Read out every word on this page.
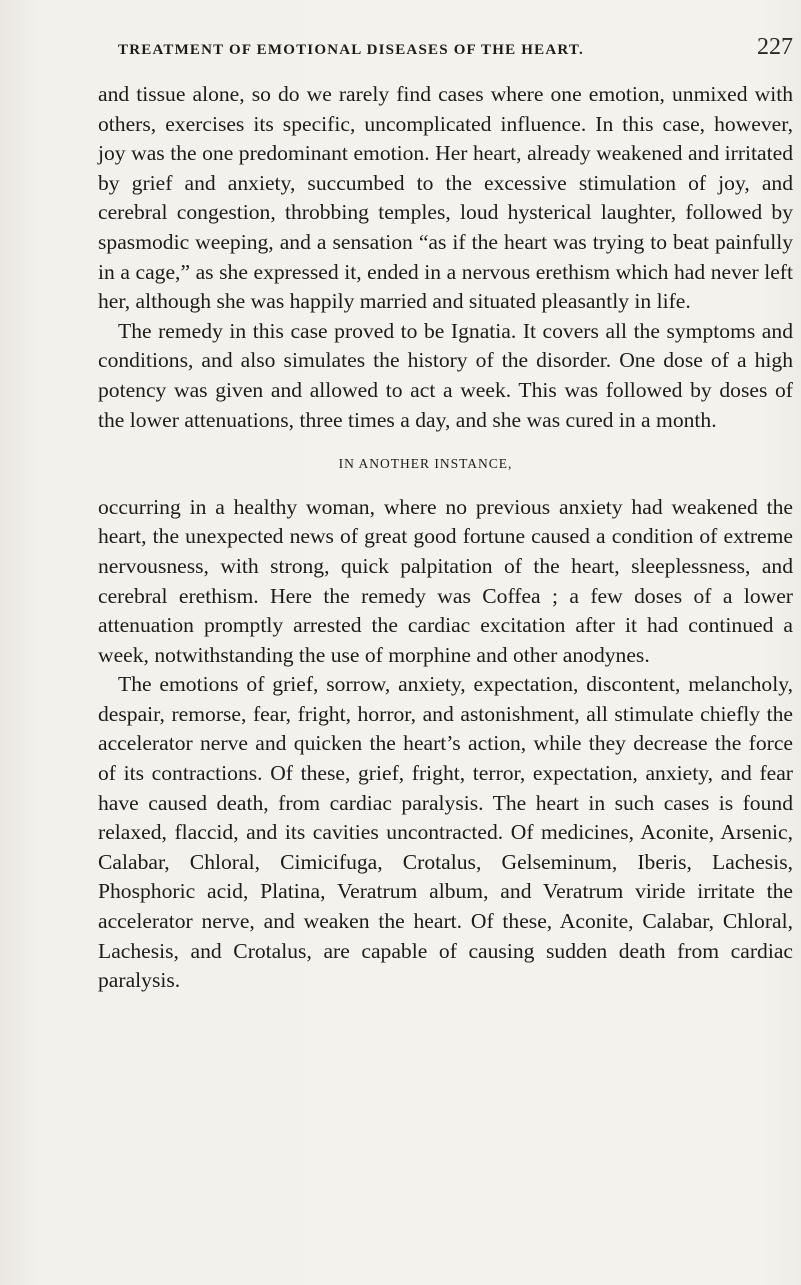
TREATMENT OF EMOTIONAL DISEASES OF THE HEART.	227

and tissue alone, so do we rarely find cases where one emotion, unmixed with others, exercises its specific, uncomplicated influence. In this case, however, joy was the one predominant emotion. Her heart, already weakened and irritated by grief and anxiety, succumbed to the excessive stimulation of joy, and cerebral congestion, throbbing temples, loud hysterical laughter, followed by spasmodic weeping, and a sensation “as if the heart was trying to beat painfully in a cage,” as she expressed it, ended in a nervous erethism which had never left her, although she was happily married and situated pleasantly in life.

The remedy in this case proved to be Ignatia. It covers all the symptoms and conditions, and also simulates the history of the disorder. One dose of a high potency was given and allowed to act a week. This was followed by doses of the lower attenuations, three times a day, and she was cured in a month.

IN ANOTHER INSTANCE,

occurring in a healthy woman, where no previous anxiety had weakened the heart, the unexpected news of great good fortune caused a condition of extreme nervousness, with strong, quick palpitation of the heart, sleeplessness, and cerebral erethism. Here the remedy was Coffea ; a few doses of a lower attenuation promptly arrested the cardiac excitation after it had continued a week, notwithstanding the use of morphine and other anodynes.

The emotions of grief, sorrow, anxiety, expectation, discontent, melancholy, despair, remorse, fear, fright, horror, and astonishment, all stimulate chiefly the accelerator nerve and quicken the heart’s action, while they decrease the force of its contractions. Of these, grief, fright, terror, expectation, anxiety, and fear have caused death, from cardiac paralysis. The heart in such cases is found relaxed, flaccid, and its cavities uncontracted. Of medicines, Aconite, Arsenic, Calabar, Chloral, Cimicifuga, Crotalus, Gelseminum, Iberis, Lachesis, Phosphoric acid, Platina, Veratrum album, and Veratrum viride irritate the accelerator nerve, and weaken the heart. Of these, Aconite, Calabar, Chloral, Lachesis, and Crotalus, are capable of causing sudden death from cardiac paralysis.
